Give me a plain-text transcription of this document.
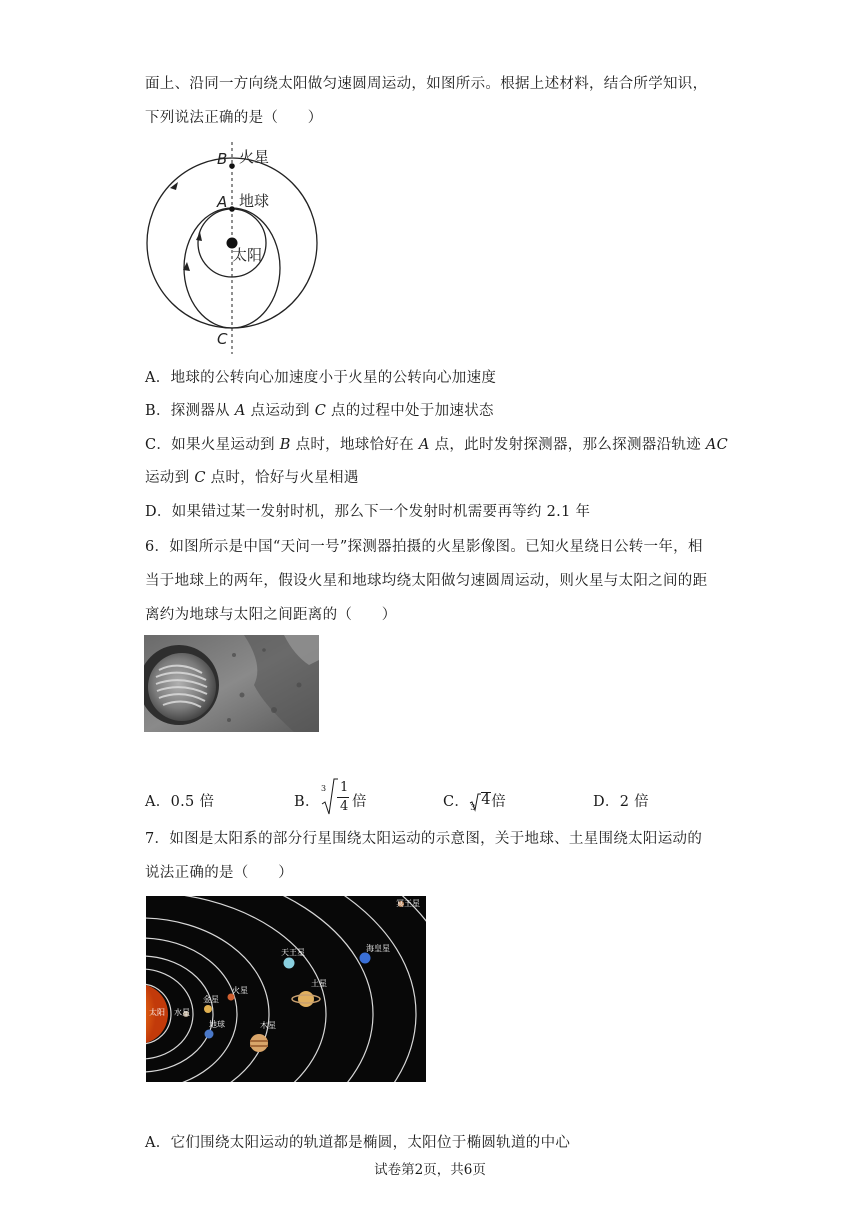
面上、沿同一方向绕太阳做匀速圆周运动，如图所示。根据上述材料，结合所学知识，
下列说法正确的是（　　）
B 火星
A 地球
太阳
C
A．地球的公转向心加速度小于火星的公转向心加速度
B．探测器从 A 点运动到 C 点的过程中处于加速状态
C．如果火星运动到 B 点时，地球恰好在 A 点，此时发射探测器，那么探测器沿轨迹 AC
运动到 C 点时，恰好与火星相遇
D．如果错过某一发射时机，那么下一个发射时机需要再等约 2.1 年
6．如图所示是中国“天问一号”探测器拍摄的火星影像图。已知火星绕日公转一年，相
当于地球上的两年，假设火星和地球均绕太阳做匀速圆周运动，则火星与太阳之间的距
离约为地球与太阳之间距离的（　　）
A．0.5 倍	B．
3 1
4 倍	C． 3 4 倍	D．2 倍
7．如图是太阳系的部分行星围绕太阳运动的示意图，关于地球、土星围绕太阳运动的
说法正确的是（　　）
冥王星
天王星	海皇星
土星
火星
金星
太阳 水星
地球	木星
A．它们围绕太阳运动的轨道都是椭圆，太阳位于椭圆轨道的中心
试卷第2页，共6页
